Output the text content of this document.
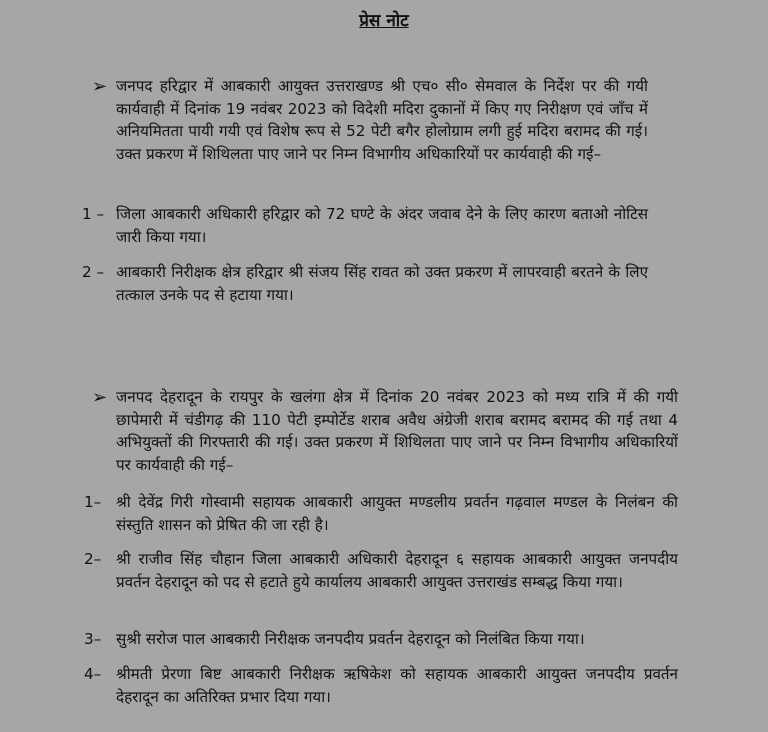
प्रेस नोट
➢ जनपद हरिद्वार में आबकारी आयुक्त उत्तराखण्ड श्री एच० सी० सेमवाल के निर्देश पर की गयी कार्यवाही में दिनांक 19 नवंबर 2023 को विदेशी मदिरा दुकानों में किए गए निरीक्षण एवं जाँच में अनियमितता पायी गयी एवं विशेष रूप से 52 पेटी बगैर होलोग्राम लगी हुई मदिरा बरामद की गई। उक्त प्रकरण में शिथिलता पाए जाने पर निम्न विभागीय अधिकारियों पर कार्यवाही की गई–
1 – जिला आबकारी अधिकारी हरिद्वार को 72 घण्टे के अंदर जवाब देने के लिए कारण बताओ नोटिस जारी किया गया।
2 – आबकारी निरीक्षक क्षेत्र हरिद्वार श्री संजय सिंह रावत को उक्त प्रकरण में लापरवाही बरतने के लिए तत्काल उनके पद से हटाया गया।
➢ जनपद देहरादून के रायपुर के खलंगा क्षेत्र में दिनांक 20 नवंबर 2023 को मध्य रात्रि में की गयी छापेमारी में चंडीगढ़ की 110 पेटी इम्पोर्टेड शराब अवैध अंग्रेजी शराब बरामद बरामद की गई तथा 4 अभियुक्तों की गिरफ्तारी की गई। उक्त प्रकरण में शिथिलता पाए जाने पर निम्न विभागीय अधिकारियों पर कार्यवाही की गई–
1– श्री देवेंद्र गिरी गोस्वामी सहायक आबकारी आयुक्त मण्डलीय प्रवर्तन गढ़वाल मण्डल के निलंबन की संस्तुति शासन को प्रेषित की जा रही है।
2– श्री राजीव सिंह चौहान जिला आबकारी अधिकारी देहरादून ६ सहायक आबकारी आयुक्त जनपदीय प्रवर्तन देहरादून को पद से हटाते हुये कार्यालय आबकारी आयुक्त उत्तराखंड सम्बद्ध किया गया।
3– सुश्री सरोज पाल आबकारी निरीक्षक जनपदीय प्रवर्तन देहरादून को निलंबित किया गया।
4– श्रीमती प्रेरणा बिष्ट आबकारी निरीक्षक ऋषिकेश को सहायक आबकारी आयुक्त जनपदीय प्रवर्तन देहरादून का अतिरिक्त प्रभार दिया गया।
